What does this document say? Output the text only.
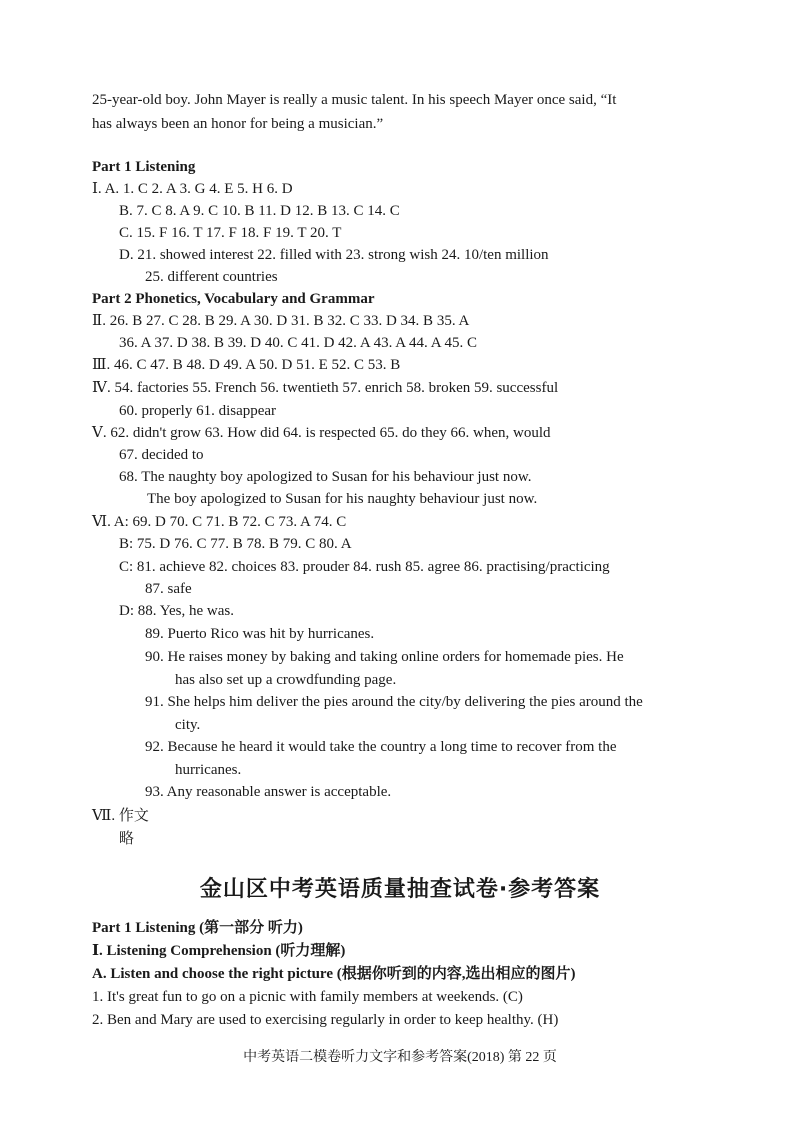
25-year-old boy. John Mayer is really a music talent. In his speech Mayer once said, “It
has always been an honor for being a musician.”
Part 1 Listening
Ⅰ. A. 1. C 2. A 3. G 4. E 5. H 6. D
B. 7. C 8. A 9. C 10. B 11. D 12. B 13. C 14. C
C. 15. F 16. T 17. F 18. F 19. T 20. T
D. 21. showed interest 22. filled with 23. strong wish 24. 10/ten million
25. different countries
Part 2 Phonetics, Vocabulary and Grammar
Ⅱ. 26. B 27. C 28. B 29. A 30. D 31. B 32. C 33. D 34. B 35. A
36. A 37. D 38. B 39. D 40. C 41. D 42. A 43. A 44. A 45. C
Ⅲ. 46. C 47. B 48. D 49. A 50. D 51. E 52. C 53. B
Ⅳ. 54. factories 55. French 56. twentieth 57. enrich 58. broken 59. successful
60. properly 61. disappear
Ⅴ. 62. didn't grow 63. How did 64. is respected 65. do they 66. when, would
67. decided to
68. The naughty boy apologized to Susan for his behaviour just now.
The boy apologized to Susan for his naughty behaviour just now.
Ⅵ. A: 69. D 70. C 71. B 72. C 73. A 74. C
B: 75. D 76. C 77. B 78. B 79. C 80. A
C: 81. achieve 82. choices 83. prouder 84. rush 85. agree 86. practising/practicing
87. safe
D: 88. Yes, he was.
89. Puerto Rico was hit by hurricanes.
90. He raises money by baking and taking online orders for homemade pies. He
has also set up a crowdfunding page.
91. She helps him deliver the pies around the city/by delivering the pies around the
city.
92. Because he heard it would take the country a long time to recover from the
hurricanes.
93. Any reasonable answer is acceptable.
Ⅶ. 作文
略
金山区中考英语质量抽查试卷·参考答案
Part 1 Listening (第一部分 听力)
Ⅰ. Listening Comprehension (听力理解)
A. Listen and choose the right picture (根据你听到的内容,选出相应的图片)
1. It's great fun to go on a picnic with family members at weekends. (C)
2. Ben and Mary are used to exercising regularly in order to keep healthy. (H)
中考英语二模卷听力文字和参考答案(2018) 第 22 页
